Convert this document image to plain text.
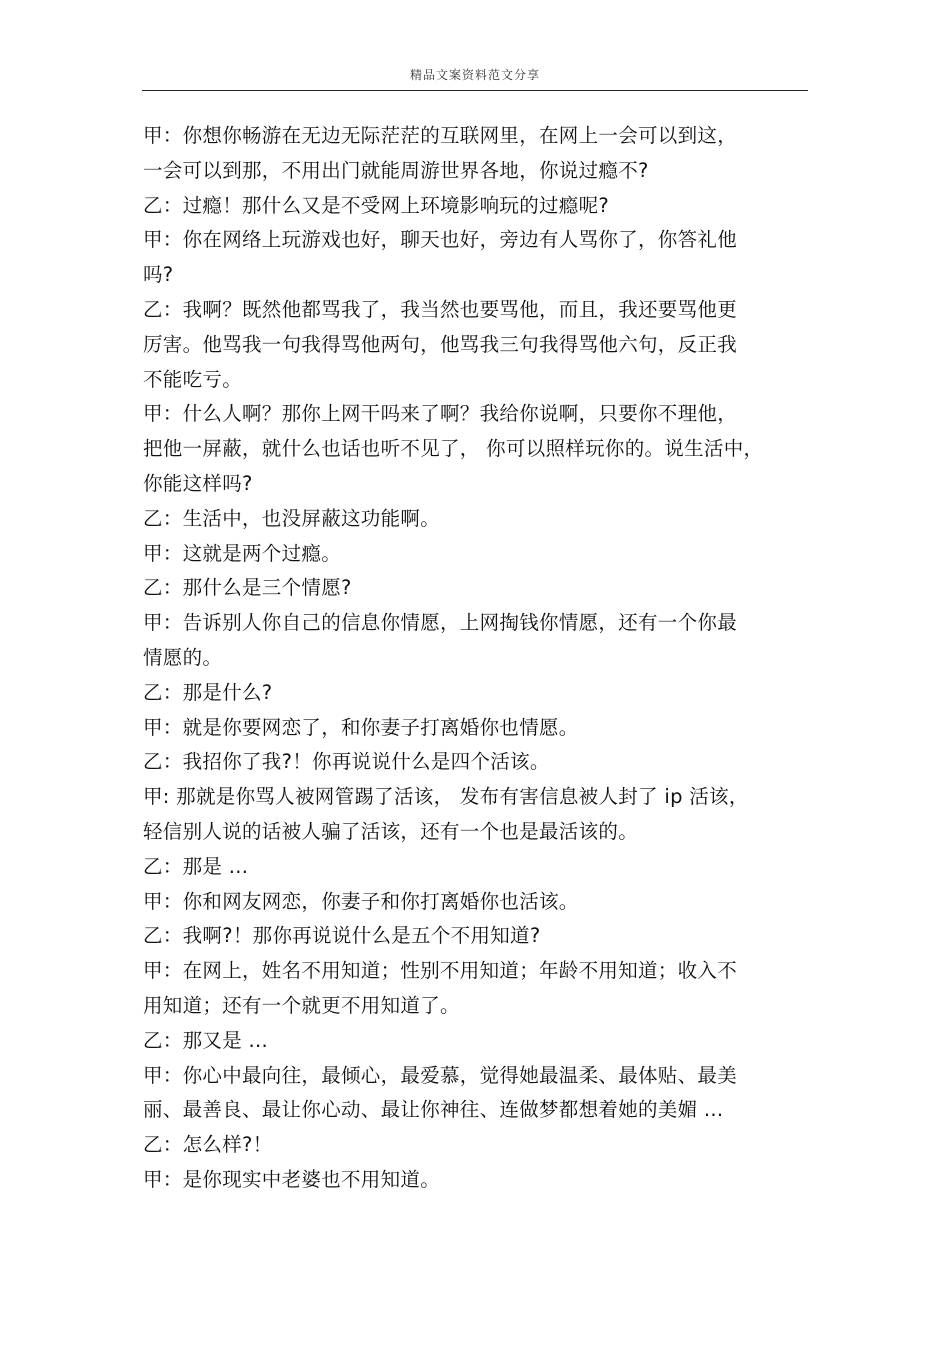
精品文案资料范文分享
甲：你想你畅游在无边无际茫茫的互联网里，在网上一会可以到这，
一会可以到那，不用出门就能周游世界各地，你说过瘾不?
乙：过瘾！那什么又是不受网上环境影响玩的过瘾呢?
甲：你在网络上玩游戏也好，聊天也好，旁边有人骂你了，你答礼他
吗?
乙：我啊？既然他都骂我了，我当然也要骂他，而且，我还要骂他更
厉害。他骂我一句我得骂他两句，他骂我三句我得骂他六句，反正我
不能吃亏。
甲：什么人啊？那你上网干吗来了啊？我给你说啊，只要你不理他，
把他一屏蔽，就什么也话也听不见了， 你可以照样玩你的。说生活中，
你能这样吗?
乙：生活中，也没屏蔽这功能啊。
甲：这就是两个过瘾。
乙：那什么是三个情愿?
甲：告诉别人你自己的信息你情愿，上网掏钱你情愿，还有一个你最
情愿的。
乙：那是什么?
甲：就是你要网恋了，和你妻子打离婚你也情愿。
乙：我招你了我?！你再说说什么是四个活该。
甲: 那就是你骂人被网管踢了活该， 发布有害信息被人封了 ip 活该，
轻信别人说的话被人骗了活该，还有一个也是最活该的。
乙：那是 ...
甲：你和网友网恋，你妻子和你打离婚你也活该。
乙：我啊?！那你再说说什么是五个不用知道?
甲：在网上，姓名不用知道；性别不用知道；年龄不用知道；收入不
用知道；还有一个就更不用知道了。
乙：那又是 ...
甲：你心中最向往，最倾心，最爱慕，觉得她最温柔、最体贴、最美
丽、最善良、最让你心动、最让你神往、连做梦都想着她的美媚 ...
乙：怎么样?！
甲：是你现实中老婆也不用知道。
